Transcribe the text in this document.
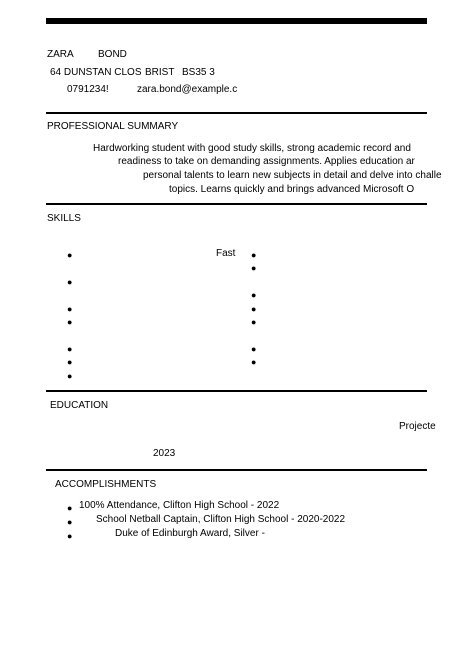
ZARA BOND
64 DUNSTAN CLOS BRIST BS35 3
0791234!	zara.bond@example.c
PROFESSIONAL SUMMARY
Hardworking student with good study skills, strong academic record and
readiness to take on demanding assignments. Applies education ar
personal talents to learn new subjects in detail and delve into challe
topics. Learns quickly and brings advanced Microsoft O
SKILLS
Fast
●
●
●
●
●
●
●
●
●
●
●
●
●
●
EDUCATION
Projecte
2023
ACCOMPLISHMENTS
● 100% Attendance, Clifton High School - 2022
● School Netball Captain, Clifton High School - 2020-2022
●	Duke of Edinburgh Award, Silver -
